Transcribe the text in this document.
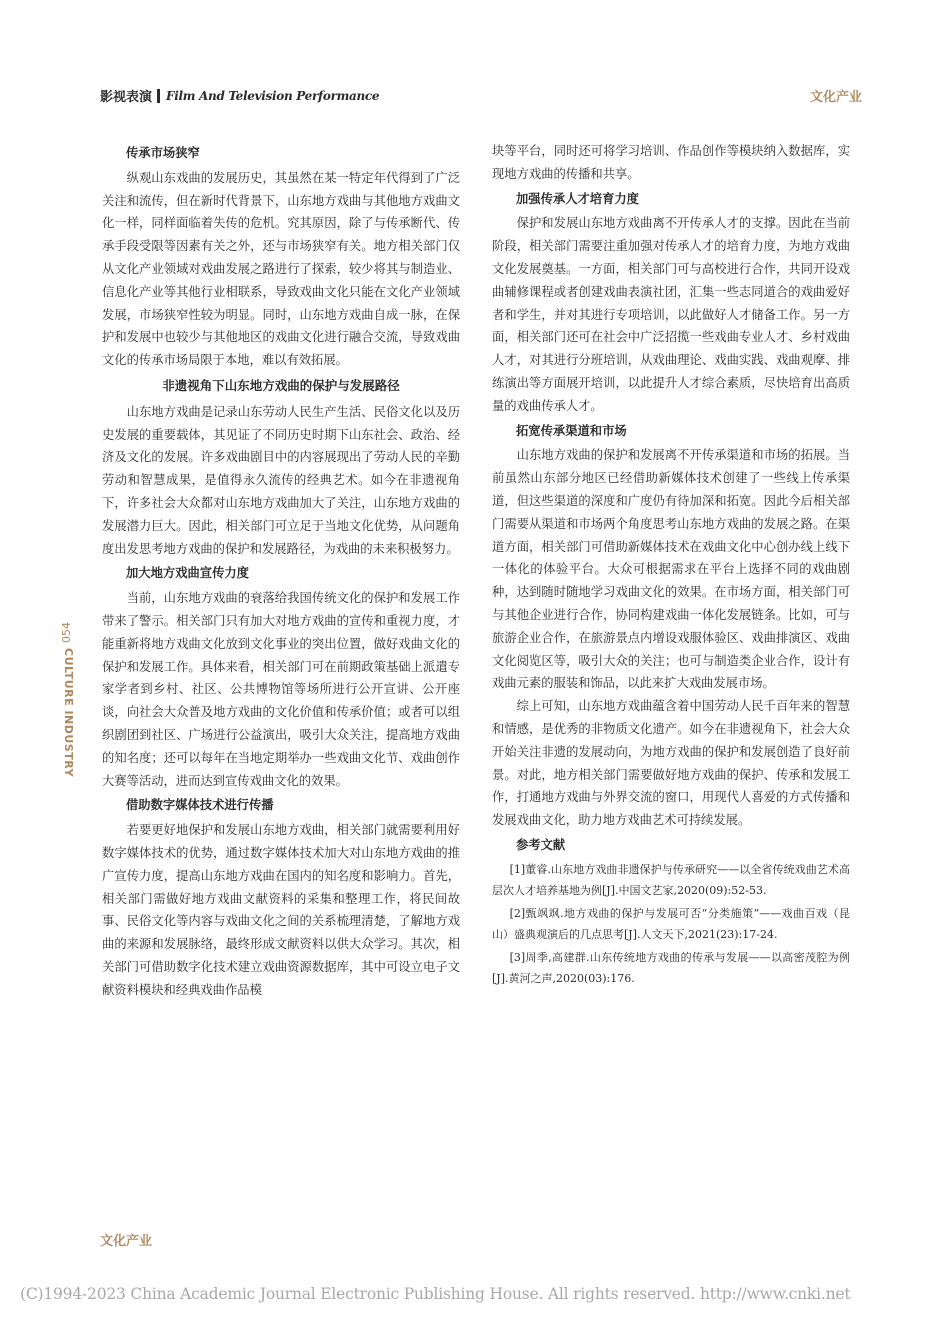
影视表演 Film And Television Performance	文化产业
054
CULTURE INDUSTRY
传承市场狭窄

纵观山东戏曲的发展历史，其虽然在某一特定年代得到了广泛关注和流传，但在新时代背景下，山东地方戏曲与其他地方戏曲文化一样，同样面临着失传的危机。究其原因，除了与传承断代、传承手段受限等因素有关之外，还与市场狭窄有关。地方相关部门仅从文化产业领域对戏曲发展之路进行了探索，较少将其与制造业、信息化产业等其他行业相联系，导致戏曲文化只能在文化产业领域发展，市场狭窄性较为明显。同时，山东地方戏曲自成一脉，在保护和发展中也较少与其他地区的戏曲文化进行融合交流，导致戏曲文化的传承市场局限于本地，难以有效拓展。

非遗视角下山东地方戏曲的保护与发展路径

山东地方戏曲是记录山东劳动人民生产生活、民俗文化以及历史发展的重要载体，其见证了不同历史时期下山东社会、政治、经济及文化的发展。许多戏曲剧目中的内容展现出了劳动人民的辛勤劳动和智慧成果，是值得永久流传的经典艺术。如今在非遗视角下，许多社会大众都对山东地方戏曲加大了关注，山东地方戏曲的发展潜力巨大。因此，相关部门可立足于当地文化优势，从问题角度出发思考地方戏曲的保护和发展路径，为戏曲的未来积极努力。

加大地方戏曲宣传力度

当前，山东地方戏曲的衰落给我国传统文化的保护和发展工作带来了警示。相关部门只有加大对地方戏曲的宣传和重视力度，才能重新将地方戏曲文化放到文化事业的突出位置，做好戏曲文化的保护和发展工作。具体来看，相关部门可在前期政策基础上派遣专家学者到乡村、社区、公共博物馆等场所进行公开宣讲、公开座谈，向社会大众普及地方戏曲的文化价值和传承价值；或者可以组织剧团到社区、广场进行公益演出，吸引大众关注，提高地方戏曲的知名度；还可以每年在当地定期举办一些戏曲文化节、戏曲创作大赛等活动，进而达到宣传戏曲文化的效果。

借助数字媒体技术进行传播

若要更好地保护和发展山东地方戏曲，相关部门就需要利用好数字媒体技术的优势，通过数字媒体技术加大对山东地方戏曲的推广宣传力度，提高山东地方戏曲在国内的知名度和影响力。首先，相关部门需做好地方戏曲文献资料的采集和整理工作，将民间故事、民俗文化等内容与戏曲文化之间的关系梳理清楚，了解地方戏曲的来源和发展脉络，最终形成文献资料以供大众学习。其次，相关部门可借助数字化技术建立戏曲资源数据库，其中可设立电子文献资料模块和经典戏曲作品模

块等平台，同时还可将学习培训、作品创作等模块纳入数据库，实现地方戏曲的传播和共享。

加强传承人才培育力度

保护和发展山东地方戏曲离不开传承人才的支撑。因此在当前阶段，相关部门需要注重加强对传承人才的培育力度，为地方戏曲文化发展奠基。一方面，相关部门可与高校进行合作，共同开设戏曲辅修课程或者创建戏曲表演社团，汇集一些志同道合的戏曲爱好者和学生，并对其进行专项培训，以此做好人才储备工作。另一方面，相关部门还可在社会中广泛招揽一些戏曲专业人才、乡村戏曲人才，对其进行分班培训，从戏曲理论、戏曲实践、戏曲观摩、排练演出等方面展开培训，以此提升人才综合素质，尽快培育出高质量的戏曲传承人才。

拓宽传承渠道和市场

山东地方戏曲的保护和发展离不开传承渠道和市场的拓展。当前虽然山东部分地区已经借助新媒体技术创建了一些线上传承渠道，但这些渠道的深度和广度仍有待加深和拓宽。因此今后相关部门需要从渠道和市场两个角度思考山东地方戏曲的发展之路。在渠道方面，相关部门可借助新媒体技术在戏曲文化中心创办线上线下一体化的体验平台。大众可根据需求在平台上选择不同的戏曲剧种，达到随时随地学习戏曲文化的效果。在市场方面，相关部门可与其他企业进行合作，协同构建戏曲一体化发展链条。比如，可与旅游企业合作，在旅游景点内增设戏服体验区、戏曲排演区、戏曲文化阅览区等，吸引大众的关注；也可与制造类企业合作，设计有戏曲元素的服装和饰品，以此来扩大戏曲发展市场。

综上可知，山东地方戏曲蕴含着中国劳动人民千百年来的智慧和情感，是优秀的非物质文化遗产。如今在非遗视角下，社会大众开始关注非遗的发展动向，为地方戏曲的保护和发展创造了良好前景。对此，地方相关部门需要做好地方戏曲的保护、传承和发展工作，打通地方戏曲与外界交流的窗口，用现代人喜爱的方式传播和发展戏曲文化，助力地方戏曲艺术可持续发展。

参考文献
[1]董睿.山东地方戏曲非遗保护与传承研究——以全省传统戏曲艺术高层次人才培养基地为例[J].中国文艺家,2020(09):52-53.
[2]甄飒飒.地方戏曲的保护与发展可否“分类施策”——戏曲百戏（昆山）盛典观演后的几点思考[J].人文天下,2021(23):17-24.
[3]周季,高建群.山东传统地方戏曲的传承与发展——以高密茂腔为例[J].黄河之声,2020(03):176.
文化产业
(C)1994-2023 China Academic Journal Electronic Publishing House. All rights reserved. http://www.cnki.net
